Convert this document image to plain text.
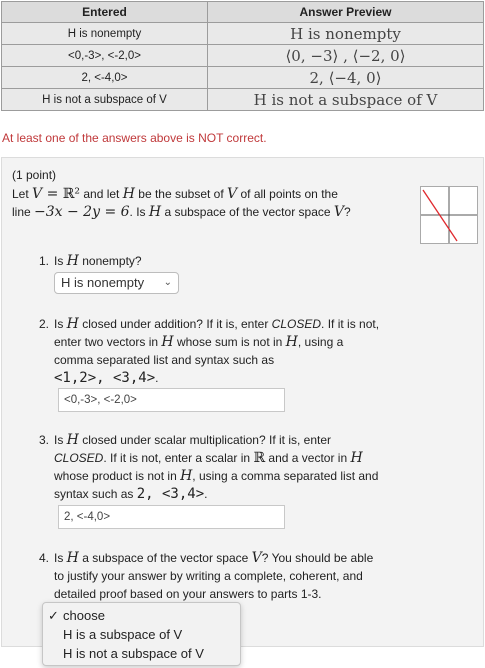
Entered	Answer Preview
H is nonempty	H is nonempty
<0,-3>, <-2,0>	⟨0, −3⟩ , ⟨−2, 0⟩
2, <-4,0>	2, ⟨−4, 0⟩
H is not a subspace of V	H is not a subspace of V
At least one of the answers above is NOT correct.
(1 point)
Let V = ℝ² and let H be the subset of V of all points on the
line −3x − 2y = 6. Is H a subspace of the vector space V?
1. Is H nonempty?
H is nonempty ⌄
2. Is H closed under addition? If it is, enter CLOSED. If it is not, enter two vectors in H whose sum is not in H, using a comma separated list and syntax such as
<1,2>, <3,4>.
<0,-3>, <-2,0>
3. Is H closed under scalar multiplication? If it is, enter
CLOSED. If it is not, enter a scalar in ℝ and a vector in H
whose product is not in H, using a comma separated list and syntax such as 2, <3,4>.
2, <-4,0>
4. Is H a subspace of the vector space V? You should be able to justify your answer by writing a complete, coherent, and detailed proof based on your answers to parts 1-3.
✓ choose
H is a subspace of V
H is not a subspace of V
